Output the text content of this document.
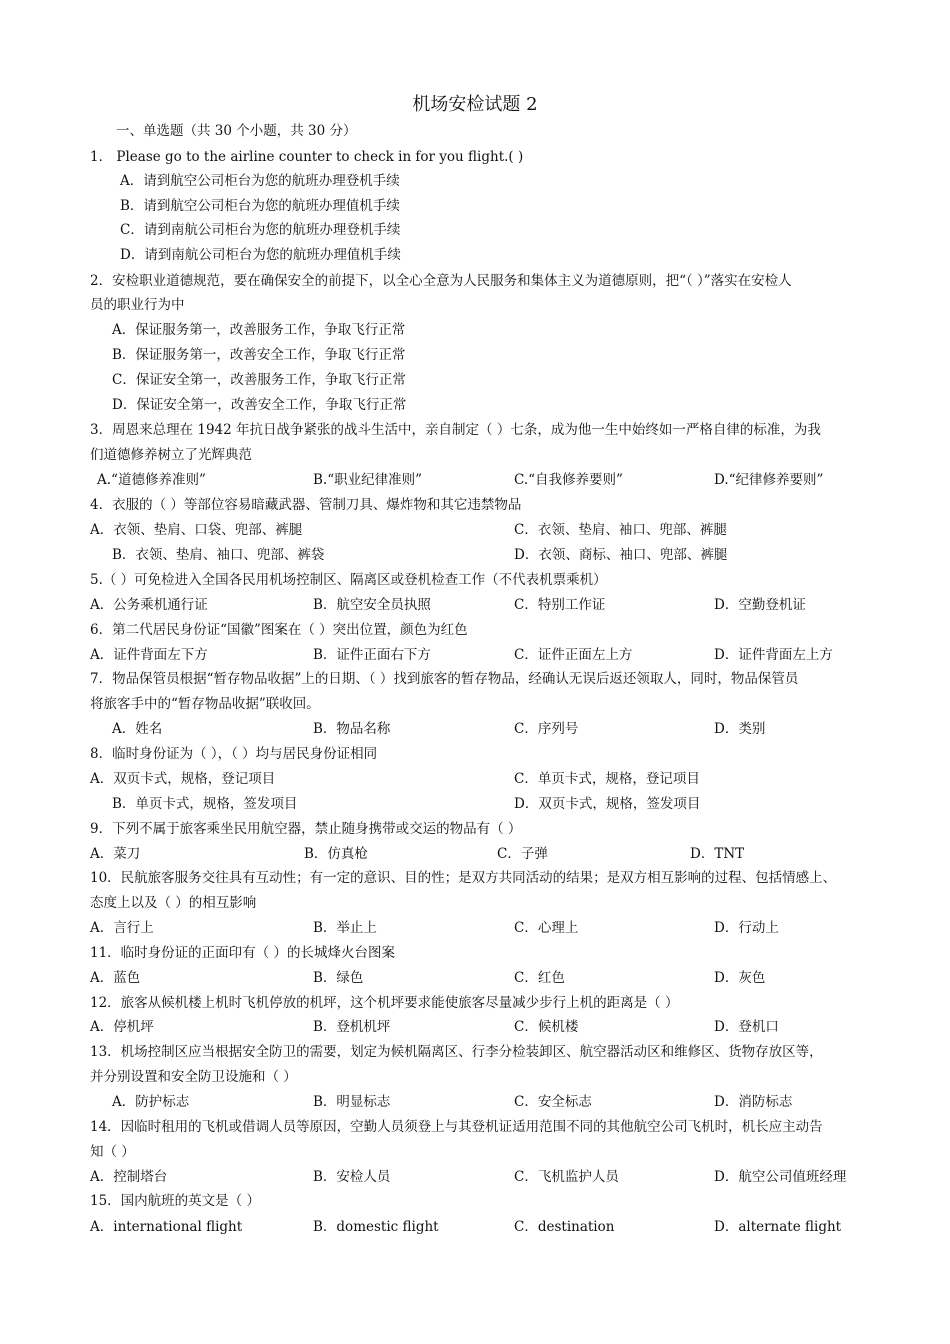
机场安检试题 2
一、单选题（共 30 个小题，共 30 分）
1． Please go to the airline counter to check in for you flight.( )
A．请到航空公司柜台为您的航班办理登机手续
B．请到航空公司柜台为您的航班办理值机手续
C．请到南航公司柜台为您的航班办理登机手续
D．请到南航公司柜台为您的航班办理值机手续
2．安检职业道德规范，要在确保安全的前提下，以全心全意为人民服务和集体主义为道德原则，把“（ ）”落实在安检人
员的职业行为中
A．保证服务第一，改善服务工作，争取飞行正常
B．保证服务第一，改善安全工作，争取飞行正常
C．保证安全第一，改善服务工作，争取飞行正常
D．保证安全第一，改善安全工作，争取飞行正常
3．周恩来总理在 1942 年抗日战争紧张的战斗生活中，亲自制定（ ）七条，成为他一生中始终如一严格自律的标准，为我
们道德修养树立了光辉典范
A.“道德修养准则”	B.“职业纪律准则”	C.“自我修养要则”	D.“纪律修养要则”
4．衣服的（ ）等部位容易暗藏武器、管制刀具、爆炸物和其它违禁物品
A．衣领、垫肩、口袋、兜部、裤腿	C．衣领、垫肩、袖口、兜部、裤腿
B．衣领、垫肩、袖口、兜部、裤袋	D．衣领、商标、袖口、兜部、裤腿
5.（ ）可免检进入全国各民用机场控制区、隔离区或登机检查工作（不代表机票乘机）
A．公务乘机通行证	B．航空安全员执照	C．特别工作证	D．空勤登机证
6．第二代居民身份证“国徽”图案在（ ）突出位置，颜色为红色
A．证件背面左下方	B．证件正面右下方	C．证件正面左上方	D．证件背面左上方
7．物品保管员根据“暂存物品收据”上的日期、（ ）找到旅客的暂存物品，经确认无误后返还领取人，同时，物品保管员
将旅客手中的“暂存物品收据”联收回。
A．姓名	B．物品名称	C．序列号	D．类别
8．临时身份证为（ ），（ ）均与居民身份证相同
A．双页卡式，规格，登记项目	C．单页卡式，规格，登记项目
B．单页卡式，规格，签发项目	D．双页卡式，规格，签发项目
9．下列不属于旅客乘坐民用航空器，禁止随身携带或交运的物品有（ ）
A．菜刀	B．仿真枪	C．子弹	D．TNT
10．民航旅客服务交往具有互动性；有一定的意识、目的性；是双方共同活动的结果；是双方相互影响的过程、包括情感上、
态度上以及（ ）的相互影响
A．言行上	B．举止上	C．心理上	D．行动上
11．临时身份证的正面印有（ ）的长城烽火台图案
A．蓝色	B．绿色	C．红色	D．灰色
12．旅客从候机楼上机时飞机停放的机坪，这个机坪要求能使旅客尽量减少步行上机的距离是（ ）
A．停机坪	B．登机机坪	C．候机楼	D．登机口
13．机场控制区应当根据安全防卫的需要，划定为候机隔离区、行李分检装卸区、航空器活动区和维修区、货物存放区等，
并分别设置和安全防卫设施和（ ）
A．防护标志	B．明显标志	C．安全标志	D．消防标志
14．因临时租用的飞机或借调人员等原因，空勤人员须登上与其登机证适用范围不同的其他航空公司飞机时，机长应主动告
知（ ）
A．控制塔台	B．安检人员	C．飞机监护人员	D．航空公司值班经理
15．国内航班的英文是（ ）
A．international flight	B．domestic flight	C．destination	D．alternate flight
